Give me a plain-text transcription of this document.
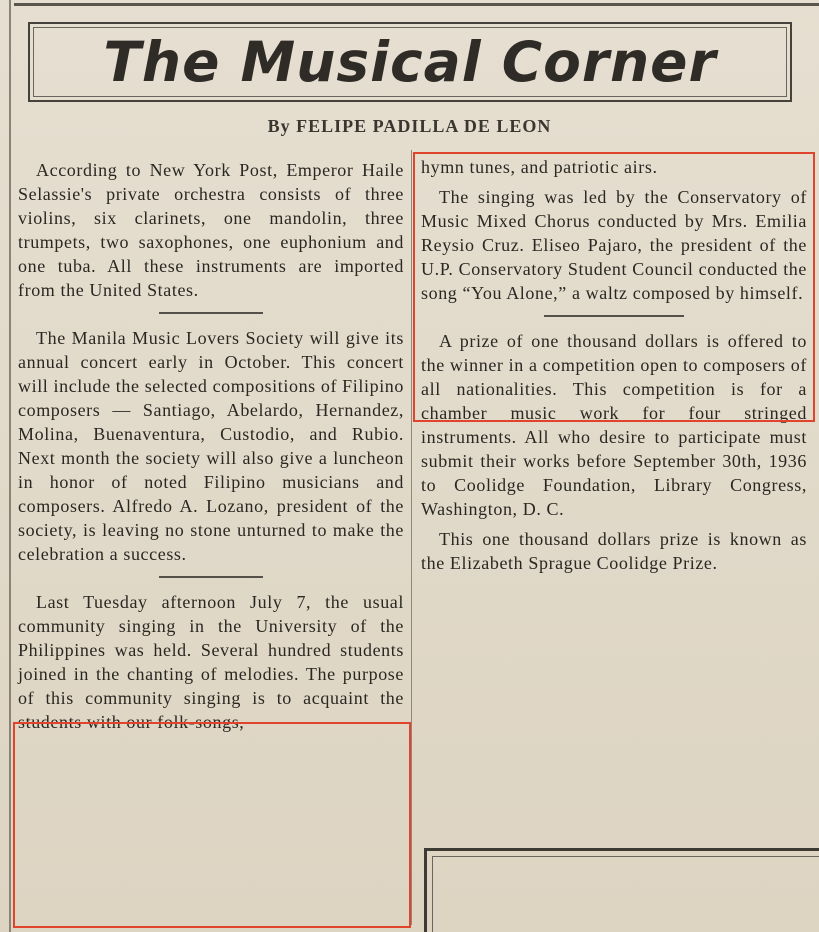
The Musical Corner
By FELIPE PADILLA DE LEON

According to New York Post, Emperor Haile Selassie's private orchestra consists of three violins, six clarinets, one mandolin, three trumpets, two saxophones, one euphonium and one tuba. All these instruments are imported from the United States.

The Manila Music Lovers Society will give its annual concert early in October. This concert will include the selected compositions of Filipino composers — Santiago, Abelardo, Hernandez, Molina, Buenaventura, Custodio, and Rubio. Next month the society will also give a luncheon in honor of noted Filipino musicians and composers. Alfredo A. Lozano, president of the society, is leaving no stone unturned to make the celebration a success.

Last Tuesday afternoon July 7, the usual community singing in the University of the Philippines was held. Several hundred students joined in the chanting of melodies. The purpose of this community singing is to acquaint the students with our folk-songs,

hymn tunes, and patriotic airs.

The singing was led by the Conservatory of Music Mixed Chorus conducted by Mrs. Emilia Reysio Cruz. Eliseo Pajaro, the president of the U.P. Conservatory Student Council conducted the song “You Alone,” a waltz composed by himself.

A prize of one thousand dollars is offered to the winner in a competition open to composers of all nationalities. This competition is for a chamber music work for four stringed instruments. All who desire to participate must submit their works before September 30th, 1936 to Coolidge Foundation, Library Congress, Washington, D. C.

This one thousand dollars prize is known as the Elizabeth Sprague Coolidge Prize.
